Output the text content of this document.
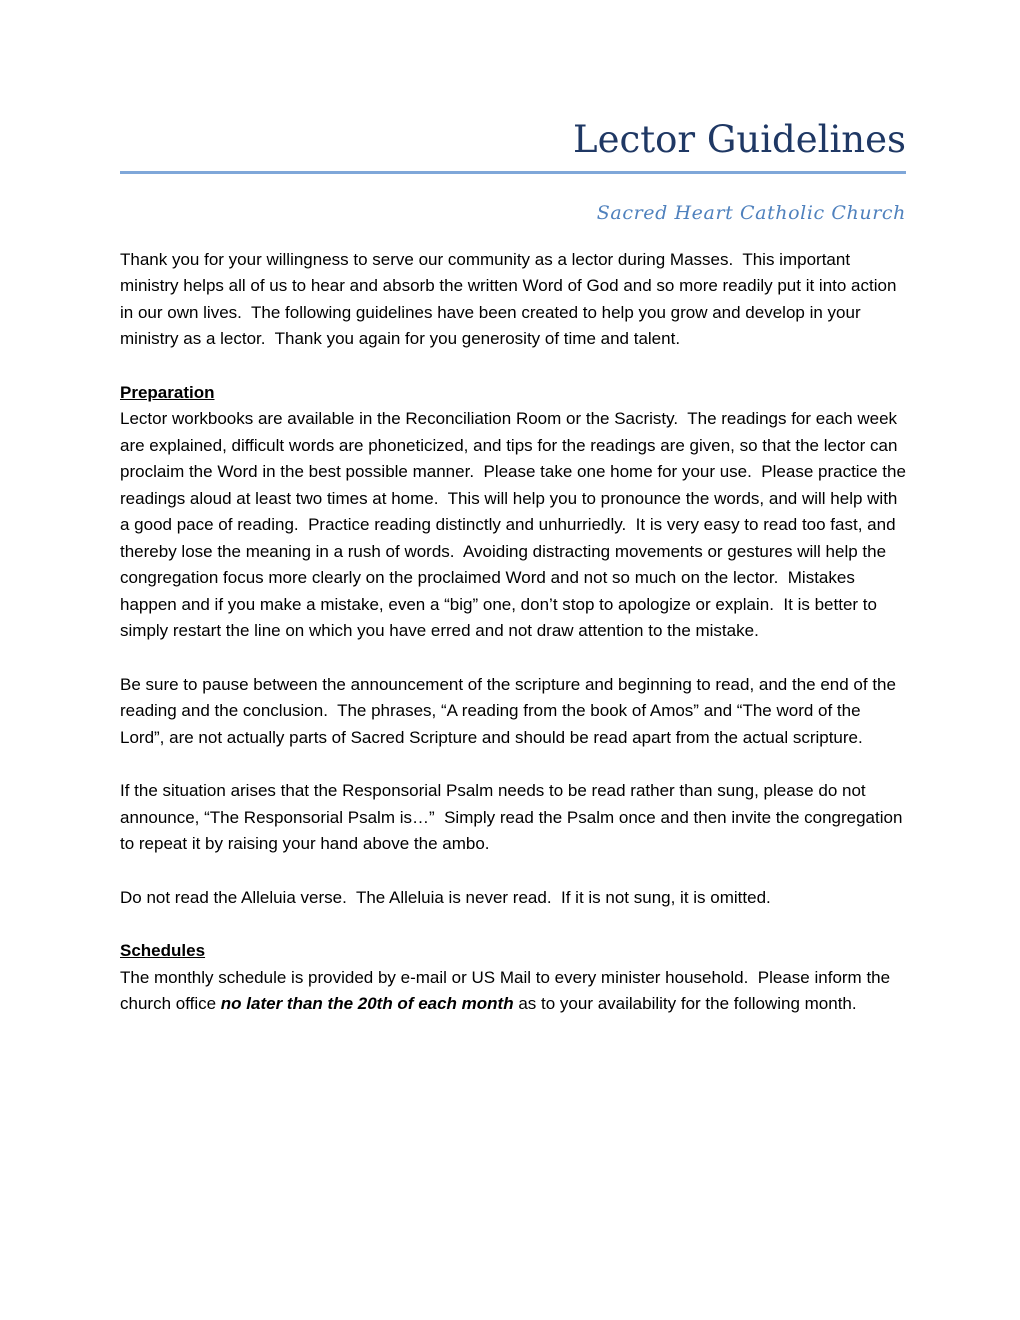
Lector Guidelines
Sacred Heart Catholic Church

Thank you for your willingness to serve our community as a lector during Masses.  This important ministry helps all of us to hear and absorb the written Word of God and so more readily put it into action in our own lives.  The following guidelines have been created to help you grow and develop in your ministry as a lector.  Thank you again for you generosity of time and talent.

Preparation

Lector workbooks are available in the Reconciliation Room or the Sacristy.  The readings for each week are explained, difficult words are phoneticized, and tips for the readings are given, so that the lector can proclaim the Word in the best possible manner.  Please take one home for your use.  Please practice the readings aloud at least two times at home.  This will help you to pronounce the words, and will help with a good pace of reading.  Practice reading distinctly and unhurriedly.  It is very easy to read too fast, and thereby lose the meaning in a rush of words.  Avoiding distracting movements or gestures will help the congregation focus more clearly on the proclaimed Word and not so much on the lector.  Mistakes happen and if you make a mistake, even a “big” one, don’t stop to apologize or explain.  It is better to simply restart the line on which you have erred and not draw attention to the mistake.

Be sure to pause between the announcement of the scripture and beginning to read, and the end of the reading and the conclusion.  The phrases, “A reading from the book of Amos” and “The word of the Lord”, are not actually parts of Sacred Scripture and should be read apart from the actual scripture.

If the situation arises that the Responsorial Psalm needs to be read rather than sung, please do not announce, “The Responsorial Psalm is…”  Simply read the Psalm once and then invite the congregation to repeat it by raising your hand above the ambo.

Do not read the Alleluia verse.  The Alleluia is never read.  If it is not sung, it is omitted.

Schedules

The monthly schedule is provided by e-mail or US Mail to every minister household.  Please inform the church office no later than the 20th of each month as to your availability for the following month.
